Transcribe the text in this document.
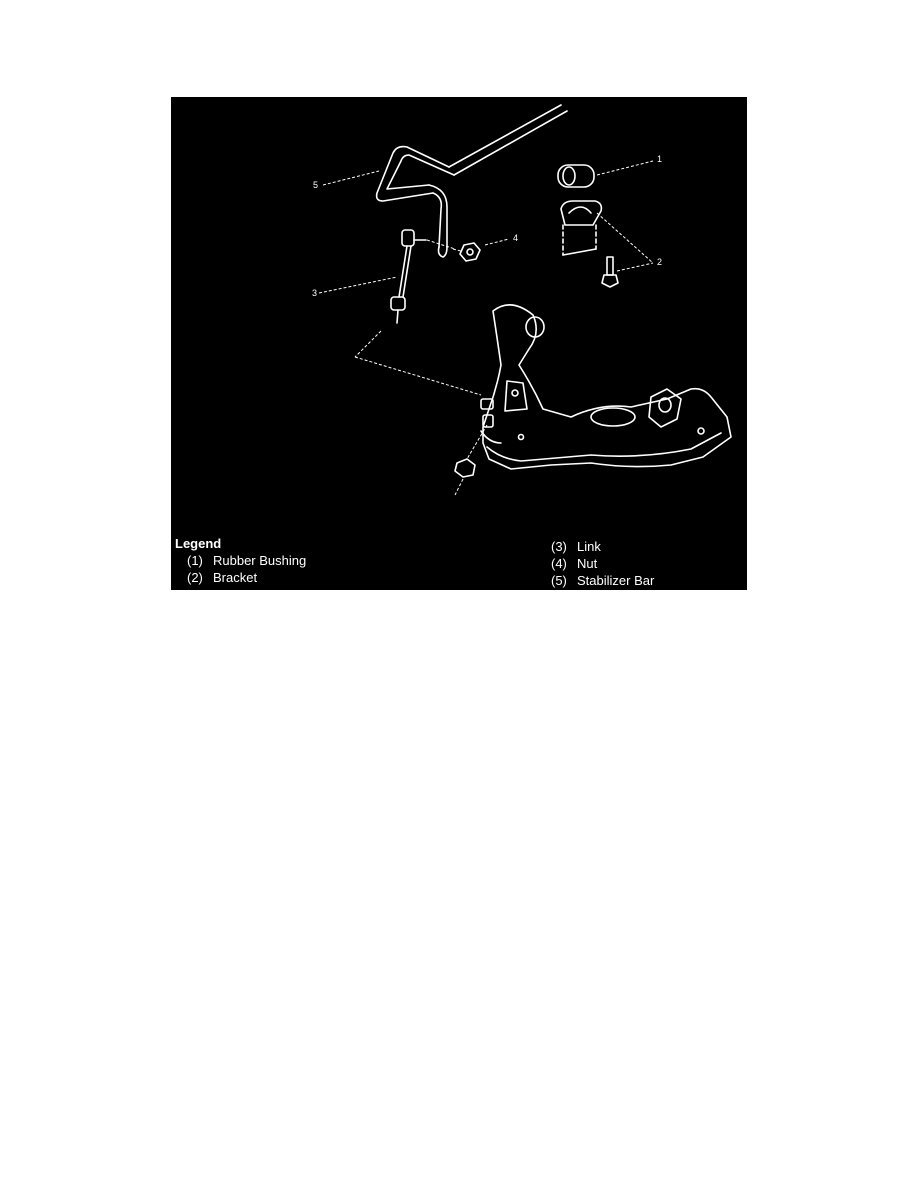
5
4
3
1
2
Legend
(1) Rubber Bushing
(2) Bracket
(3) Link
(4) Nut
(5) Stabilizer Bar
